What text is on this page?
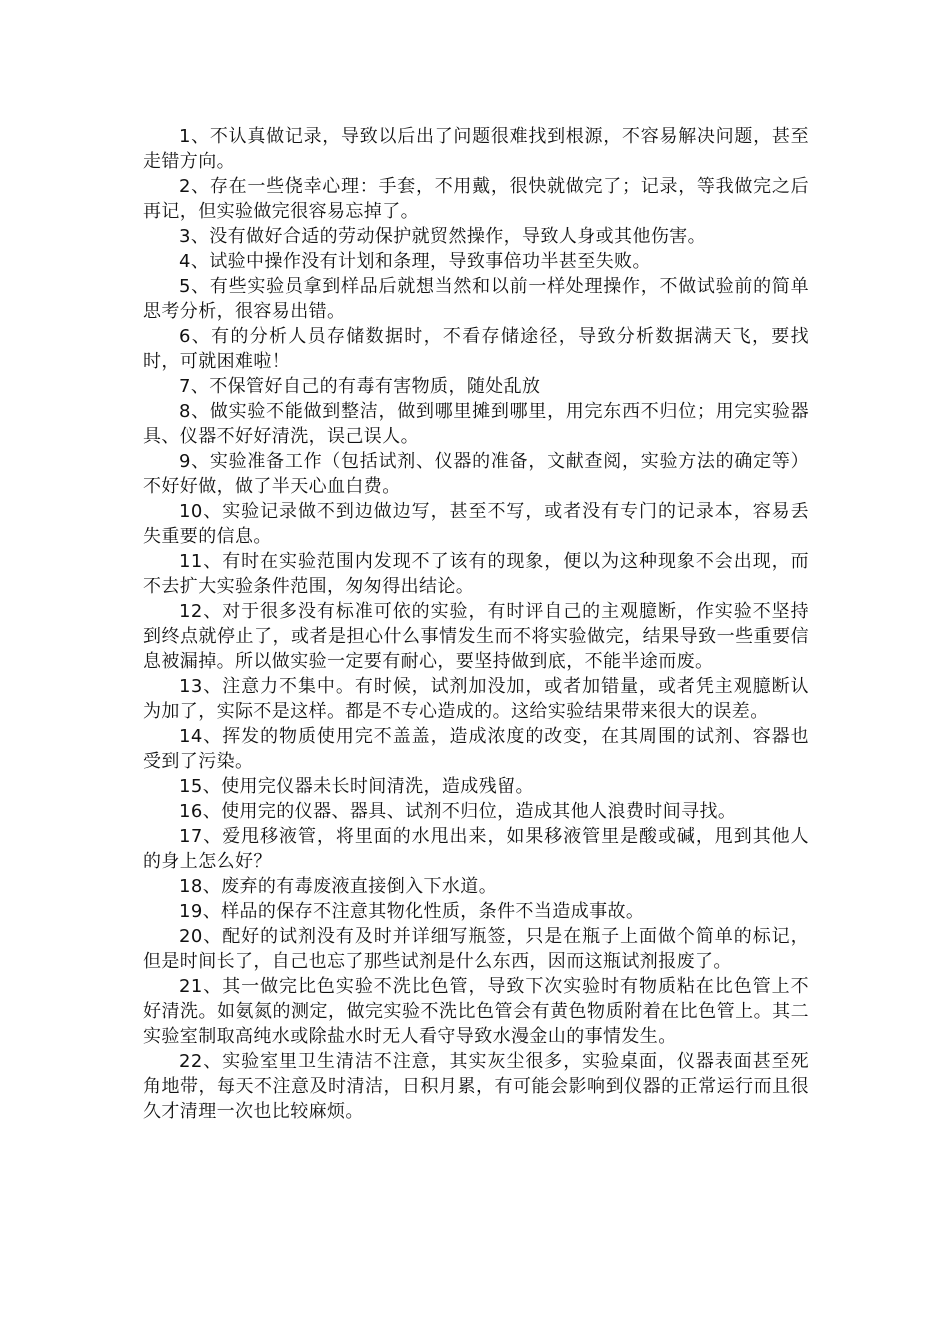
1、不认真做记录，导致以后出了问题很难找到根源，不容易解决问题，甚至走错方向。

2、存在一些侥幸心理：手套，不用戴，很快就做完了；记录，等我做完之后再记，但实验做完很容易忘掉了。

3、没有做好合适的劳动保护就贸然操作，导致人身或其他伤害。

4、试验中操作没有计划和条理，导致事倍功半甚至失败。

5、有些实验员拿到样品后就想当然和以前一样处理操作，不做试验前的简单思考分析，很容易出错。

6、有的分析人员存储数据时，不看存储途径，导致分析数据满天飞，要找时，可就困难啦！

7、不保管好自己的有毒有害物质，随处乱放

8、做实验不能做到整洁，做到哪里摊到哪里，用完东西不归位；用完实验器具、仪器不好好清洗，误己误人。

9、实验准备工作（包括试剂、仪器的准备，文献查阅，实验方法的确定等）不好好做，做了半天心血白费。

10、实验记录做不到边做边写，甚至不写，或者没有专门的记录本，容易丢失重要的信息。

11、有时在实验范围内发现不了该有的现象，便以为这种现象不会出现，而不去扩大实验条件范围，匆匆得出结论。

12、对于很多没有标准可依的实验，有时评自己的主观臆断，作实验不坚持到终点就停止了，或者是担心什么事情发生而不将实验做完，结果导致一些重要信息被漏掉。所以做实验一定要有耐心，要坚持做到底，不能半途而废。

13、注意力不集中。有时候，试剂加没加，或者加错量，或者凭主观臆断认为加了，实际不是这样。都是不专心造成的。这给实验结果带来很大的误差。

14、挥发的物质使用完不盖盖，造成浓度的改变，在其周围的试剂、容器也受到了污染。

15、使用完仪器未长时间清洗，造成残留。

16、使用完的仪器、器具、试剂不归位，造成其他人浪费时间寻找。

17、爱甩移液管，将里面的水甩出来，如果移液管里是酸或碱，甩到其他人的身上怎么好？

18、废弃的有毒废液直接倒入下水道。

19、样品的保存不注意其物化性质，条件不当造成事故。

20、配好的试剂没有及时并详细写瓶签，只是在瓶子上面做个简单的标记，但是时间长了，自己也忘了那些试剂是什么东西，因而这瓶试剂报废了。

21、其一做完比色实验不洗比色管，导致下次实验时有物质粘在比色管上不好清洗。如氨氮的测定，做完实验不洗比色管会有黄色物质附着在比色管上。其二实验室制取高纯水或除盐水时无人看守导致水漫金山的事情发生。

22、实验室里卫生清洁不注意，其实灰尘很多，实验桌面，仪器表面甚至死角地带，每天不注意及时清洁，日积月累，有可能会影响到仪器的正常运行而且很久才清理一次也比较麻烦。
